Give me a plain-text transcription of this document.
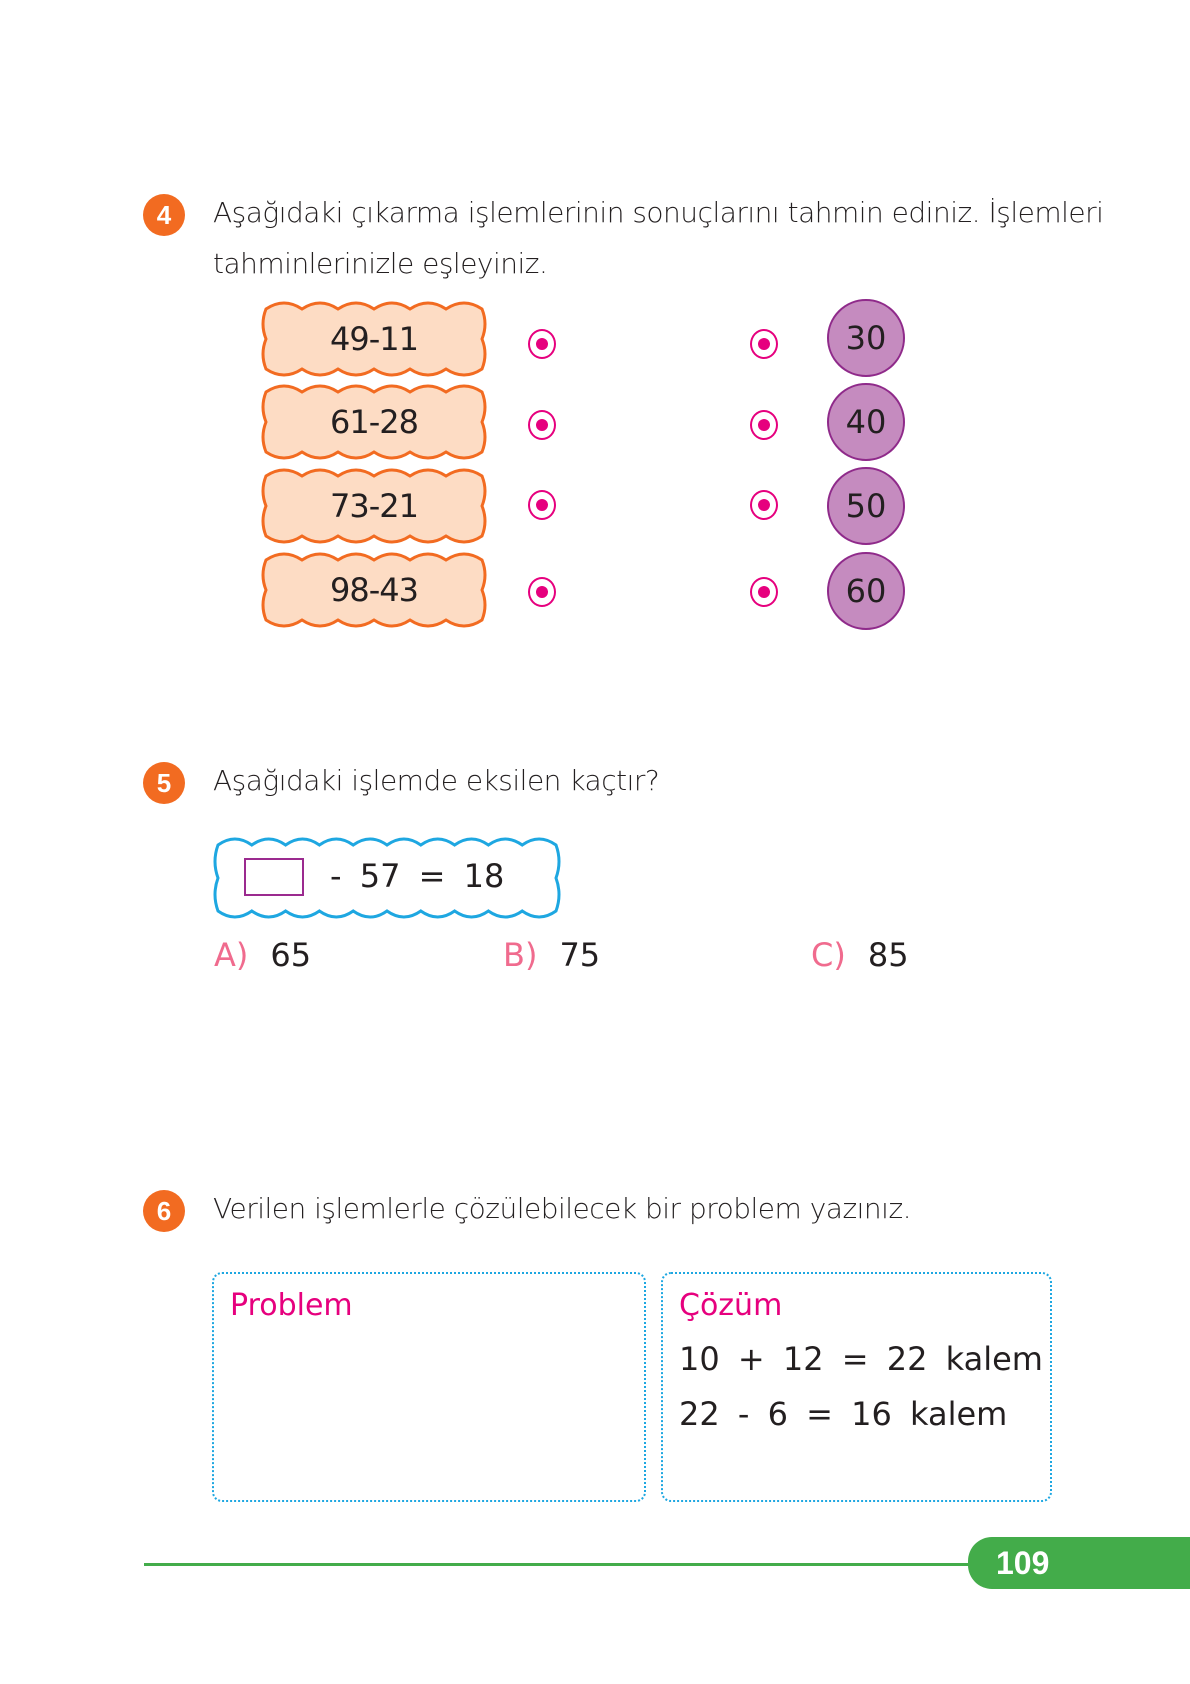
4	Aşağıdaki çıkarma işlemlerinin sonuçlarını tahmin ediniz. İşlemleri
tahminlerinizle eşleyiniz.
49-11	30
61-28	40
73-21	50
98-43	60
5	Aşağıdaki işlemde eksilen kaçtır?
- 57 = 18
A) 65	B) 75	C) 85
6	Verilen işlemlerle çözülebilecek bir problem yazınız.
Problem	Çözüm
10 + 12 = 22 kalem
22 - 6 = 16 kalem
109
